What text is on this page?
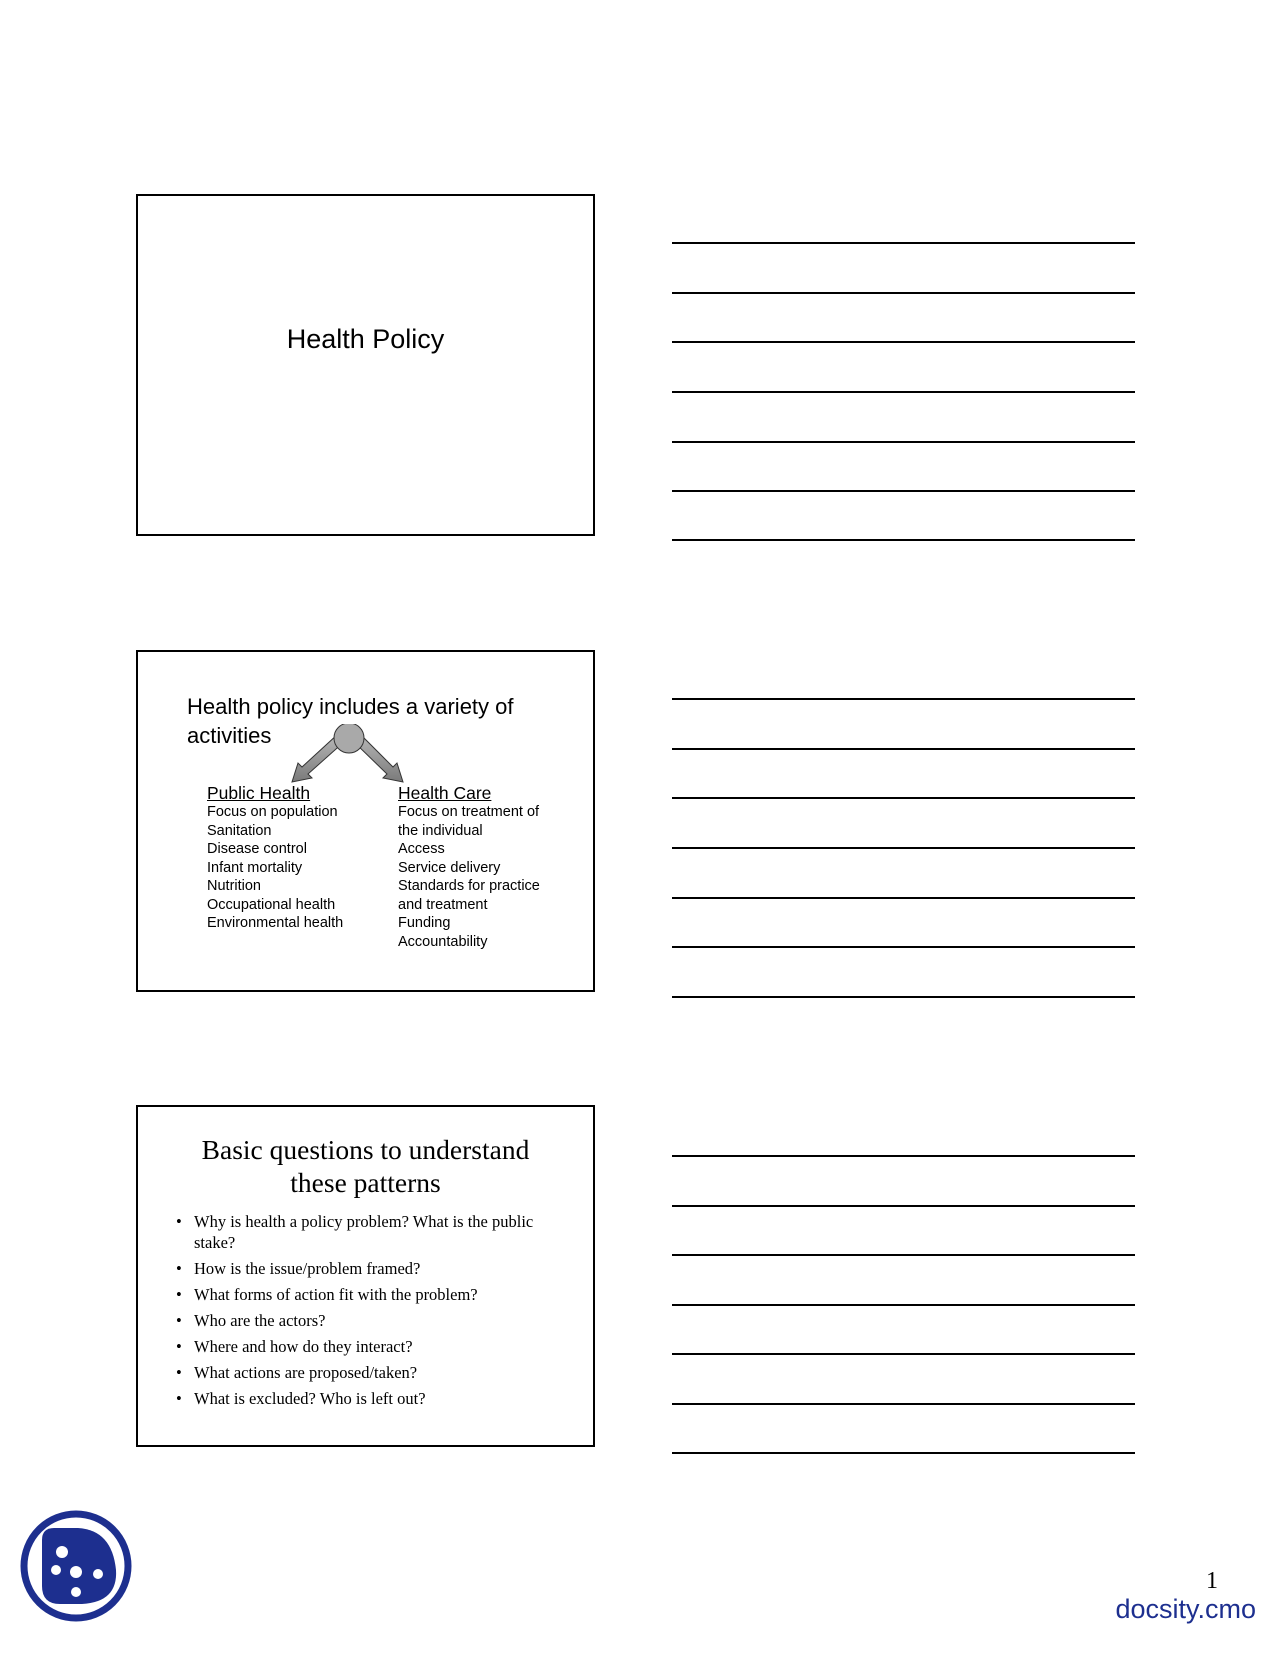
Health Policy
Health policy includes a variety of activities
Public Health
Focus on population
Sanitation
Disease control
Infant mortality
Nutrition
Occupational health
Environmental health
Health Care
Focus on treatment of
the individual
Access
Service delivery
Standards for practice
and treatment
Funding
Accountability
Basic questions to understand
these patterns
• Why is health a policy problem? What is the public stake?
• How is the issue/problem framed?
• What forms of action fit with the problem?
• Who are the actors?
• Where and how do they interact?
• What actions are proposed/taken?
• What is excluded? Who is left out?
1
docsity.cmo
